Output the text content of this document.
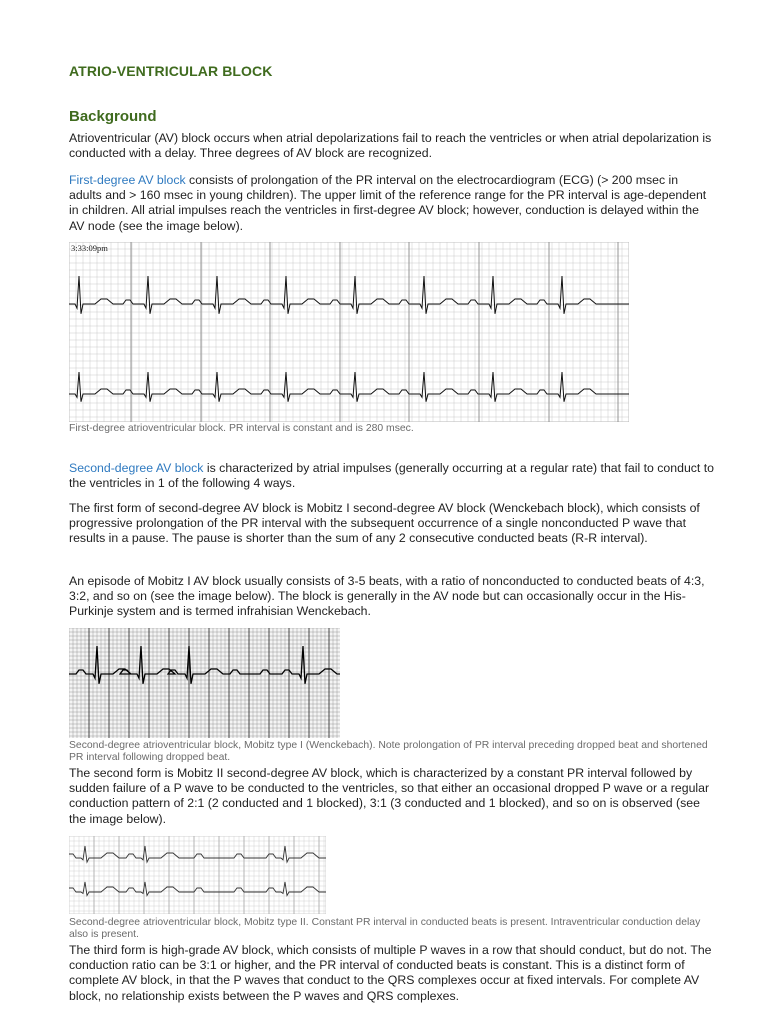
ATRIO-VENTRICULAR BLOCK
Background

Atrioventricular (AV) block occurs when atrial depolarizations fail to reach the ventricles or when atrial depolarization is conducted with a delay. Three degrees of AV block are recognized.

First-degree AV block consists of prolongation of the PR interval on the electrocardiogram (ECG) (> 200 msec in adults and > 160 msec in young children). The upper limit of the reference range for the PR interval is age-dependent in children. All atrial impulses reach the ventricles in first-degree AV block; however, conduction is delayed within the AV node (see the image below).

3:33:09pm

First-degree atrioventricular block. PR interval is constant and is 280 msec.

Second-degree AV block is characterized by atrial impulses (generally occurring at a regular rate) that fail to conduct to the ventricles in 1 of the following 4 ways.

The first form of second-degree AV block is Mobitz I second-degree AV block (Wenckebach block), which consists of progressive prolongation of the PR interval with the subsequent occurrence of a single nonconducted P wave that results in a pause. The pause is shorter than the sum of any 2 consecutive conducted beats (R-R interval).

An episode of Mobitz I AV block usually consists of 3-5 beats, with a ratio of nonconducted to conducted beats of 4:3, 3:2, and so on (see the image below). The block is generally in the AV node but can occasionally occur in the His-Purkinje system and is termed infrahisian Wenckebach.

Second-degree atrioventricular block, Mobitz type I (Wenckebach). Note prolongation of PR interval preceding dropped beat and shortened PR interval following dropped beat.

The second form is Mobitz II second-degree AV block, which is characterized by a constant PR interval followed by sudden failure of a P wave to be conducted to the ventricles, so that either an occasional dropped P wave or a regular conduction pattern of 2:1 (2 conducted and 1 blocked), 3:1 (3 conducted and 1 blocked), and so on is observed (see the image below).

Second-degree atrioventricular block, Mobitz type II. Constant PR interval in conducted beats is present. Intraventricular conduction delay also is present.

The third form is high-grade AV block, which consists of multiple P waves in a row that should conduct, but do not. The conduction ratio can be 3:1 or higher, and the PR interval of conducted beats is constant. This is a distinct form of complete AV block, in that the P waves that conduct to the QRS complexes occur at fixed intervals. For complete AV block, no relationship exists between the P waves and QRS complexes.
